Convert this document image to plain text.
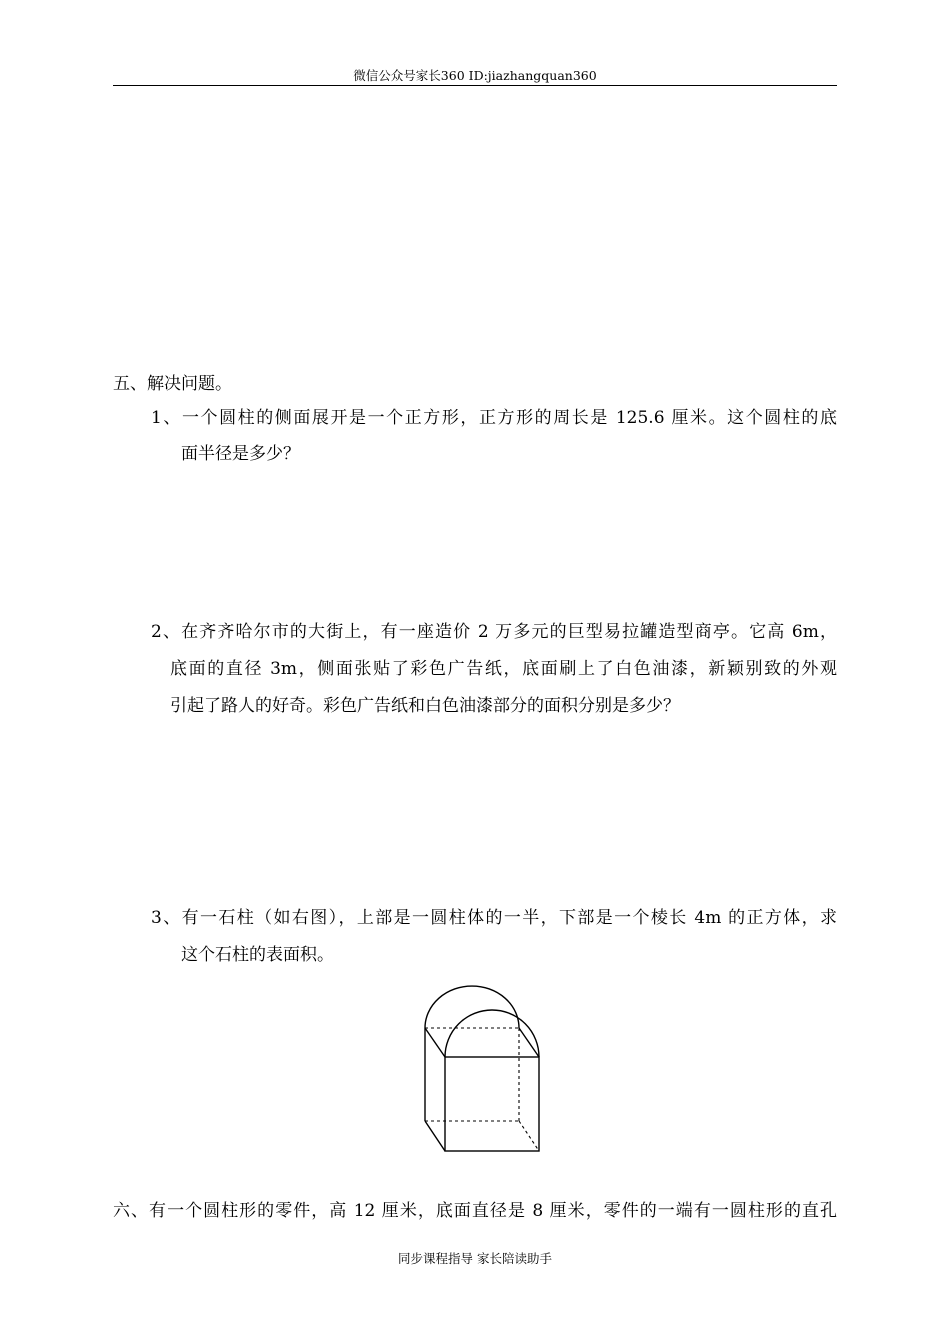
微信公众号家长360 ID:jiazhangquan360
五、解决问题。
1、一个圆柱的侧面展开是一个正方形，正方形的周长是 125.6 厘米。这个圆柱的底
面半径是多少？
2、在齐齐哈尔市的大街上，有一座造价 2 万多元的巨型易拉罐造型商亭。它高 6m，
底面的直径 3m，侧面张贴了彩色广告纸，底面刷上了白色油漆，新颖别致的外观
引起了路人的好奇。彩色广告纸和白色油漆部分的面积分别是多少？
3、有一石柱（如右图），上部是一圆柱体的一半，下部是一个棱长 4m 的正方体，求
这个石柱的表面积。
六、有一个圆柱形的零件，高 12 厘米，底面直径是 8 厘米，零件的一端有一圆柱形的直孔
同步课程指导 家长陪读助手
